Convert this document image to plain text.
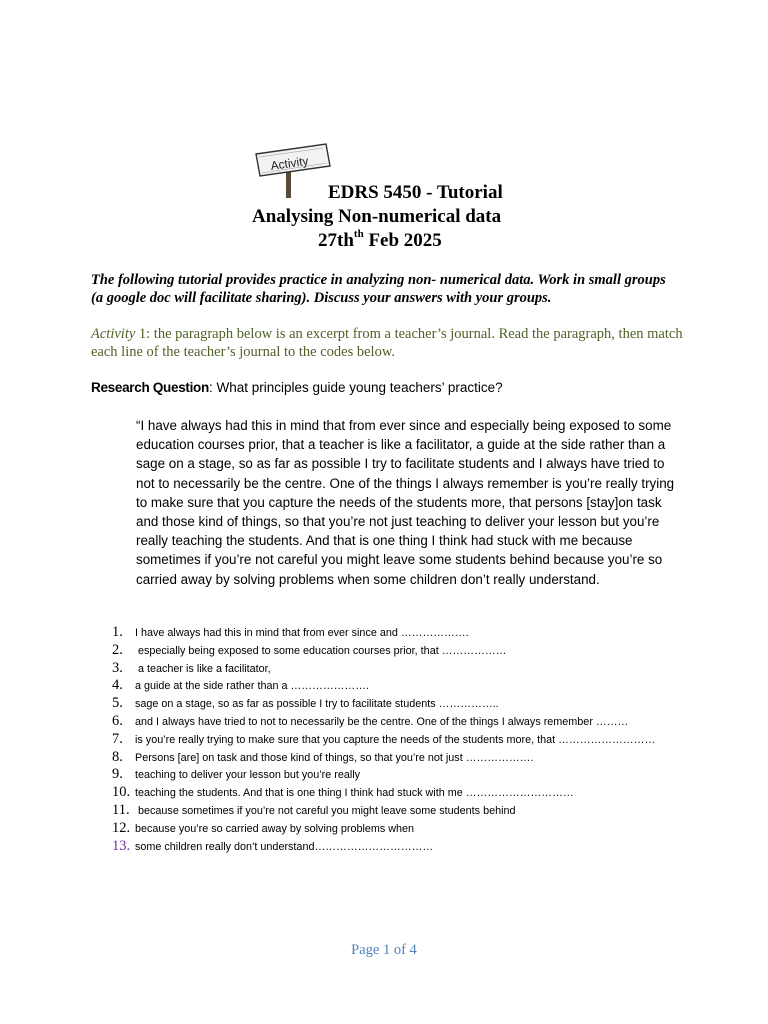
Activity
EDRS 5450 - Tutorial
Analysing Non-numerical data
$27th^{th}$ Feb 2025
The following tutorial provides practice in analyzing non- numerical data. Work in small groups (a google doc will facilitate sharing). Discuss your answers with your groups.
Activity 1: the paragraph below is an excerpt from a teacher’s journal. Read the paragraph, then match each line of the teacher’s journal to the codes below.
Research Question: What principles guide young teachers’ practice?
“I have always had this in mind that from ever since and especially being exposed to some education courses prior, that a teacher is like a facilitator, a guide at the side rather than a sage on a stage, so as far as possible I try to facilitate students and I always have tried to not to necessarily be the centre. One of the things I always remember is you’re really trying to make sure that you capture the needs of the students more, that persons [stay]on task and those kind of things, so that you’re not just teaching to deliver your lesson but you’re really teaching the students. And that is one thing I think had stuck with me because sometimes if you’re not careful you might leave some students behind because you’re so carried away by solving problems when some children don’t really understand.
1. I have always had this in mind that from ever since and ……………….
2. especially being exposed to some education courses prior, that ………………
3. a teacher is like a facilitator,
4. a guide at the side rather than a ………………….
5. sage on a stage, so as far as possible I try to facilitate students ……………..
6. and I always have tried to not to necessarily be the centre. One of the things I always remember ………
7. is you’re really trying to make sure that you capture the needs of the students more, that ………………………
8. Persons [are] on task and those kind of things, so that you’re not just ……………….
9. teaching to deliver your lesson but you’re really
10. teaching the students. And that is one thing I think had stuck with me …………………………
11. because sometimes if you’re not careful you might leave some students behind
12. because you’re so carried away by solving problems when
13. some children really don’t understand……………………………
Page 1 of 4
